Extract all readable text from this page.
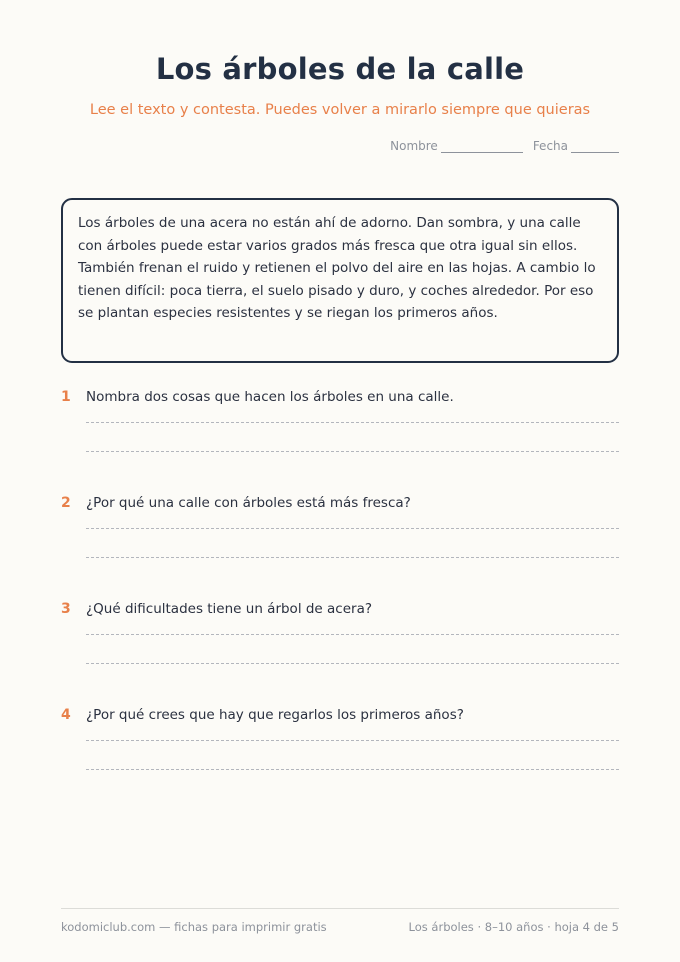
Los árboles de la calle

Lee el texto y contesta. Puedes volver a mirarlo siempre que quieras

Nombre	Fecha

Los árboles de una acera no están ahí de adorno. Dan sombra, y una calle con árboles puede estar varios grados más fresca que otra igual sin ellos. También frenan el ruido y retienen el polvo del aire en las hojas. A cambio lo tienen difícil: poca tierra, el suelo pisado y duro, y coches alrededor. Por eso se plantan especies resistentes y se riegan los primeros años.

1	Nombra dos cosas que hacen los árboles en una calle.
2	¿Por qué una calle con árboles está más fresca?
3	¿Qué dificultades tiene un árbol de acera?
4	¿Por qué crees que hay que regarlos los primeros años?
kodomiclub.com — fichas para imprimir gratis	Los árboles · 8–10 años · hoja 4 de 5
